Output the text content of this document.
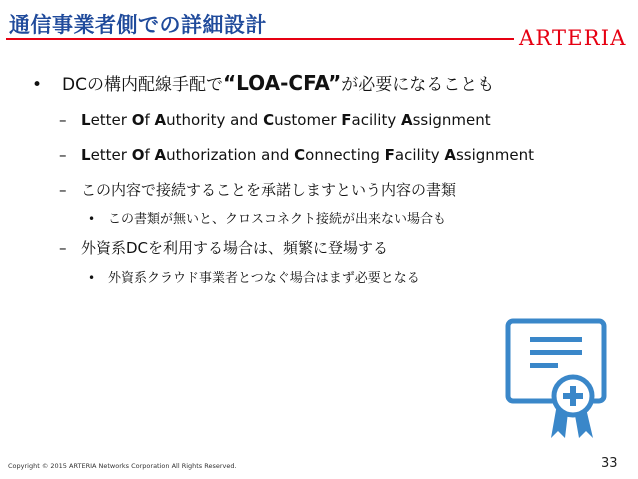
通信事業者側での詳細設計
ARTERIA
•	DCの構内配線手配で“LOA-CFA”が必要になることも
– Letter Of Authority and Customer Facility Assignment
– Letter Of Authorization and Connecting Facility Assignment
– この内容で接続することを承諾しますという内容の書類
• この書類が無いと、クロスコネクト接続が出来ない場合も
– 外資系DCを利用する場合は、頻繁に登場する
• 外資系クラウド事業者とつなぐ場合はまず必要となる
Copyright © 2015 ARTERIA Networks Corporation All Rights Reserved.	33
